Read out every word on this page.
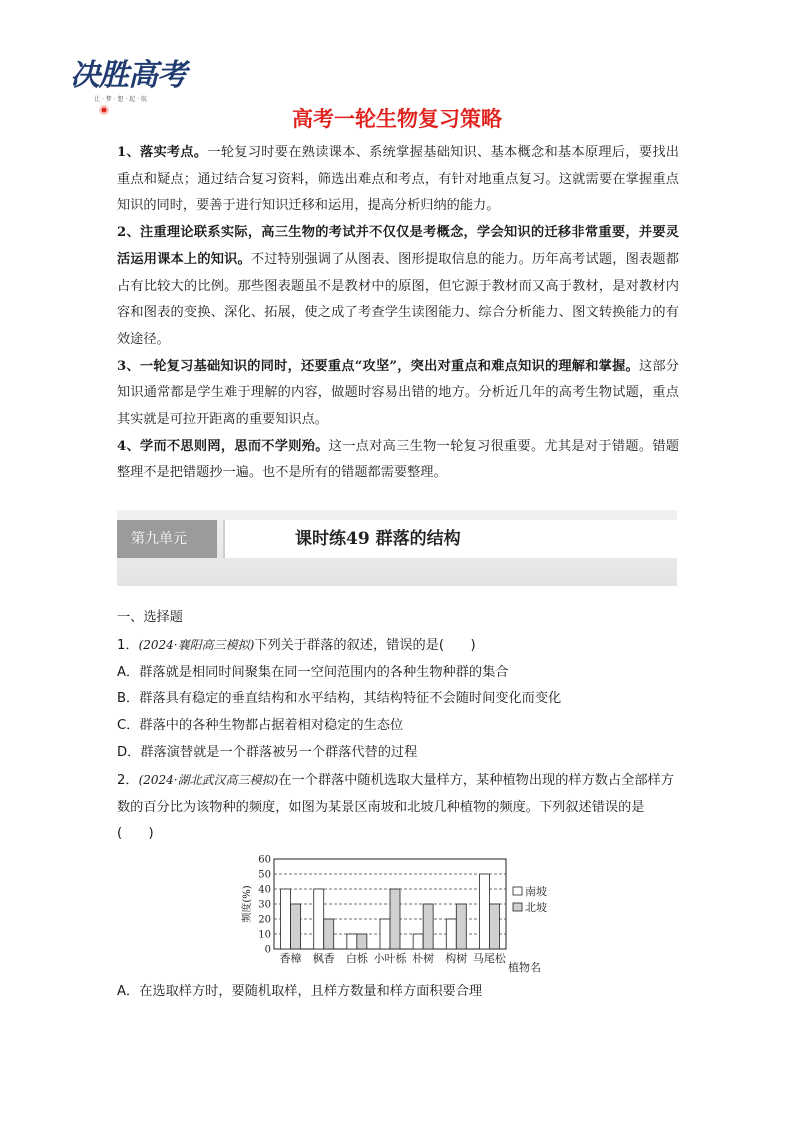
决胜高考
让 · 梦 · 想 · 起 · 航
高考一轮生物复习策略

1、落实考点。一轮复习时要在熟读课本、系统掌握基础知识、基本概念和基本原理后，要找出重点和疑点；通过结合复习资料，筛选出难点和考点，有针对地重点复习。这就需要在掌握重点知识的同时，要善于进行知识迁移和运用，提高分析归纳的能力。

2、注重理论联系实际，高三生物的考试并不仅仅是考概念，学会知识的迁移非常重要，并要灵活运用课本上的知识。不过特别强调了从图表、图形提取信息的能力。历年高考试题，图表题都占有比较大的比例。那些图表题虽不是教材中的原图，但它源于教材而又高于教材，是对教材内容和图表的变换、深化、拓展，使之成了考查学生读图能力、综合分析能力、图文转换能力的有效途径。

3、一轮复习基础知识的同时，还要重点“攻坚”，突出对重点和难点知识的理解和掌握。这部分知识通常都是学生难于理解的内容，做题时容易出错的地方。分析近几年的高考生物试题，重点其实就是可拉开距离的重要知识点。

4、学而不思则罔，思而不学则殆。这一点对高三生物一轮复习很重要。尤其是对于错题。错题整理不是把错题抄一遍。也不是所有的错题都需要整理。

第九单元	课时练49 群落的结构

一、选择题

1．(2024·襄阳高三模拟)下列关于群落的叙述，错误的是(　　)

A．群落就是相同时间聚集在同一空间范围内的各种生物种群的集合

B．群落具有稳定的垂直结构和水平结构，其结构特征不会随时间变化而变化

C．群落中的各种生物都占据着相对稳定的生态位

D．群落演替就是一个群落被另一个群落代替的过程

2．(2024·湖北武汉高三模拟)在一个群落中随机选取大量样方，某种植物出现的样方数占全部样方数的百分比为该物种的频度，如图为某景区南坡和北坡几种植物的频度。下列叙述错误的是(　　)

0
10
20
30
40
50
60
频度(%)
香樟 枫香 白栎 小叶栎 朴树 构树 马尾松
植物名
南坡
北坡
A．在选取样方时，要随机取样，且样方数量和样方面积要合理
